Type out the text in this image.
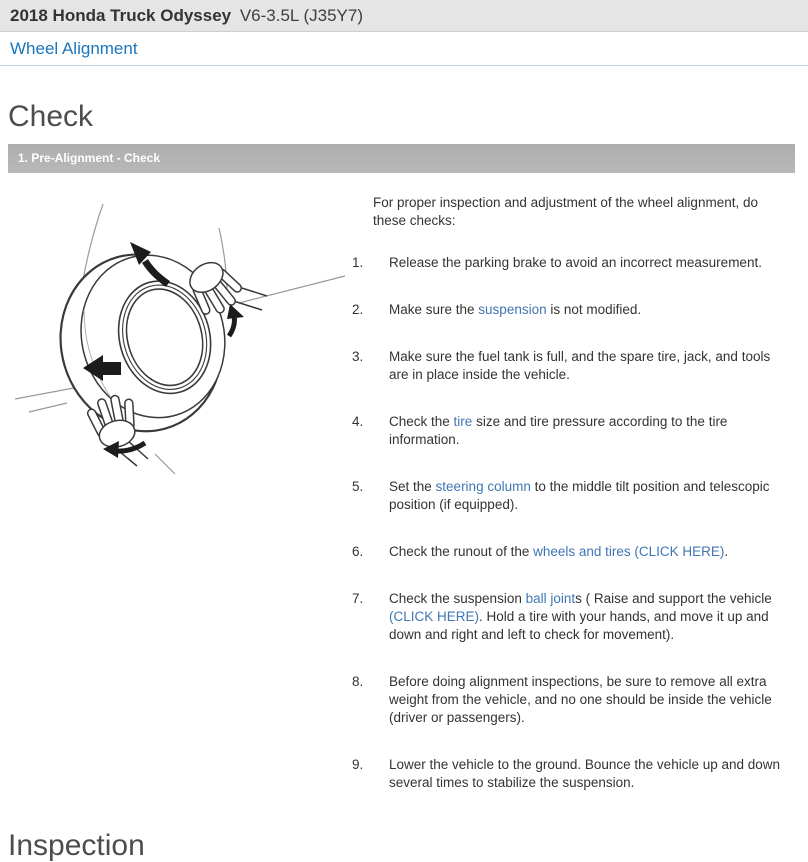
2018 Honda Truck Odyssey V6-3.5L (J35Y7)
Wheel Alignment
Check
1. Pre-Alignment - Check

For proper inspection and adjustment of the wheel alignment, do these checks:

1.	Release the parking brake to avoid an incorrect measurement.
2.	Make sure the suspension is not modified.
3.	Make sure the fuel tank is full, and the spare tire, jack, and tools are in place inside the vehicle.
4.	Check the tire size and tire pressure according to the tire information.
5.	Set the steering column to the middle tilt position and telescopic position (if equipped).
6.	Check the runout of the wheels and tires (CLICK HERE).
7.	Check the suspension ball joints ( Raise and support the vehicle (CLICK HERE). Hold a tire with your hands, and move it up and down and right and left to check for movement).
8.	Before doing alignment inspections, be sure to remove all extra weight from the vehicle, and no one should be inside the vehicle (driver or passengers).
9.	Lower the vehicle to the ground. Bounce the vehicle up and down several times to stabilize the suspension.
Inspection
